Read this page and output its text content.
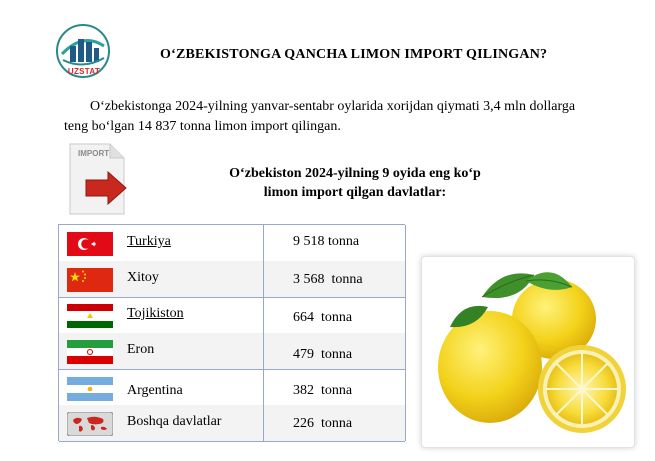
UZSTAT
O‘ZBEKISTONGA QANCHA LIMON IMPORT QILINGAN?
O‘zbekistonga 2024-yilning yanvar-sentabr oylarida xorijdan qiymati 3,4 mln dollarga teng bo‘lgan 14 837 tonna limon import qilingan.
IMPORT
O‘zbekiston 2024-yilning 9 oyida eng ko‘p
limon import qilgan davlatlar:
Turkiya	9 518 tonna
Xitoy	3 568  tonna
Tojikiston	664  tonna
Eron	479  tonna
Argentina	382  tonna
Boshqa davlatlar	226  tonna
